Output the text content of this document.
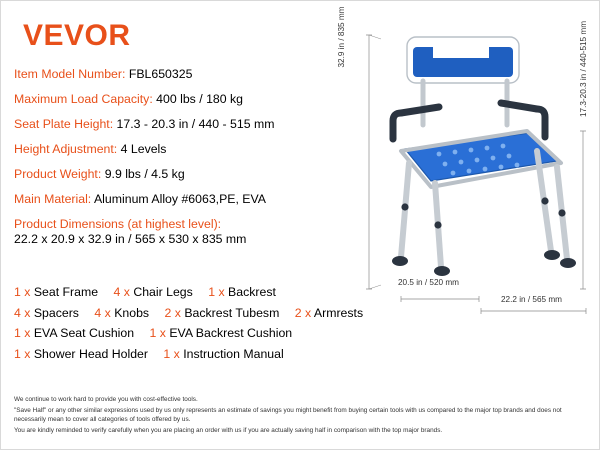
VEVOR
Item Model Number: FBL650325
Maximum Load Capacity: 400 lbs / 180 kg
Seat Plate Height: 17.3 - 20.3 in / 440 - 515 mm
Height Adjustment: 4 Levels
Product Weight: 9.9 lbs / 4.5 kg
Main Material: Aluminum Alloy #6063,PE, EVA
Product Dimensions (at highest level):
22.2 x 20.9 x 32.9 in / 565 x 530 x 835 mm
1 x Seat Frame 4 x Chair Legs 1 x Backrest
4 x Spacers 4 x Knobs 2 x Backrest Tubesm 2 x Armrests
1 x EVA Seat Cushion 1 x EVA Backrest Cushion
1 x Shower Head Holder 1 x Instruction Manual
32.9 in / 835 mm	17.3-20.3 in / 440-515 mm
20.5 in / 520 mm
22.2 in / 565 mm

We continue to work hard to provide you with cost-effective tools.

"Save Half" or any other similar expressions used by us only represents an estimate of savings you might benefit from buying certain tools with us compared to the major top brands and does not necessarily mean to cover all categories of tools offered by us.

You are kindly reminded to verify carefully when you are placing an order with us if you are actually saving half in comparison with the top major brands.
